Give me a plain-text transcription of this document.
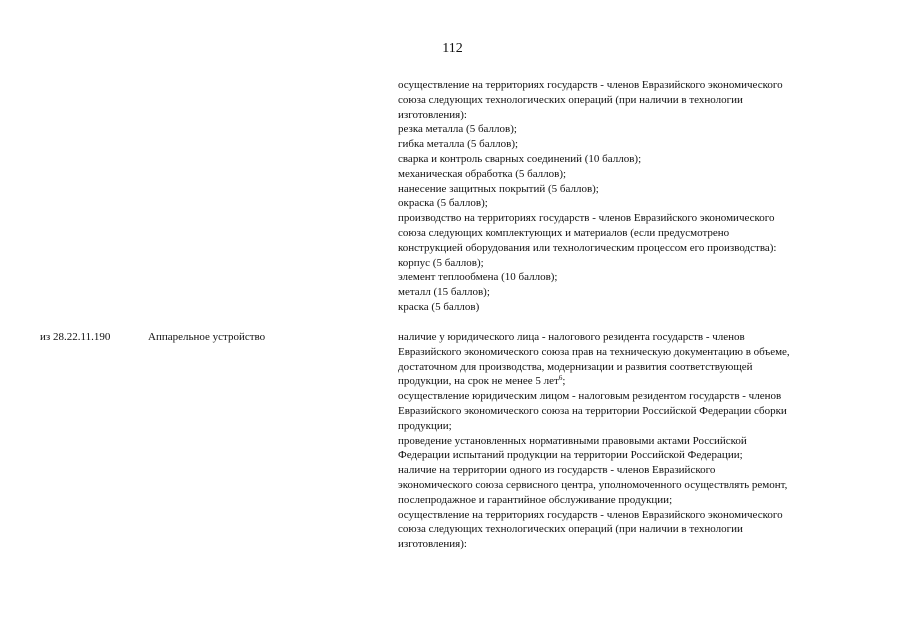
112
осуществление на территориях государств - членов Евразийского экономического
союза следующих технологических операций (при наличии в технологии
изготовления):
резка металла (5 баллов);
гибка металла (5 баллов);
сварка и контроль сварных соединений (10 баллов);
механическая обработка (5 баллов);
нанесение защитных покрытий (5 баллов);
окраска (5 баллов);
производство на территориях государств - членов Евразийского экономического
союза следующих комплектующих и материалов (если предусмотрено
конструкцией оборудования или технологическим процессом его производства):
корпус (5 баллов);
элемент теплообмена (10 баллов);
металл (15 баллов);
краска (5 баллов)
из 28.22.11.190	Аппарельное устройство	наличие у юридического лица - налогового резидента государств - членов
Евразийского экономического союза прав на техническую документацию в объеме,
достаточном для производства, модернизации и развития соответствующей
продукции, на срок не менее 5 лет$^6$;
осуществление юридическим лицом - налоговым резидентом государств - членов
Евразийского экономического союза на территории Российской Федерации сборки
продукции;
проведение установленных нормативными правовыми актами Российской
Федерации испытаний продукции на территории Российской Федерации;
наличие на территории одного из государств - членов Евразийского
экономического союза сервисного центра, уполномоченного осуществлять ремонт,
послепродажное и гарантийное обслуживание продукции;
осуществление на территориях государств - членов Евразийского экономического
союза следующих технологических операций (при наличии в технологии
изготовления):
